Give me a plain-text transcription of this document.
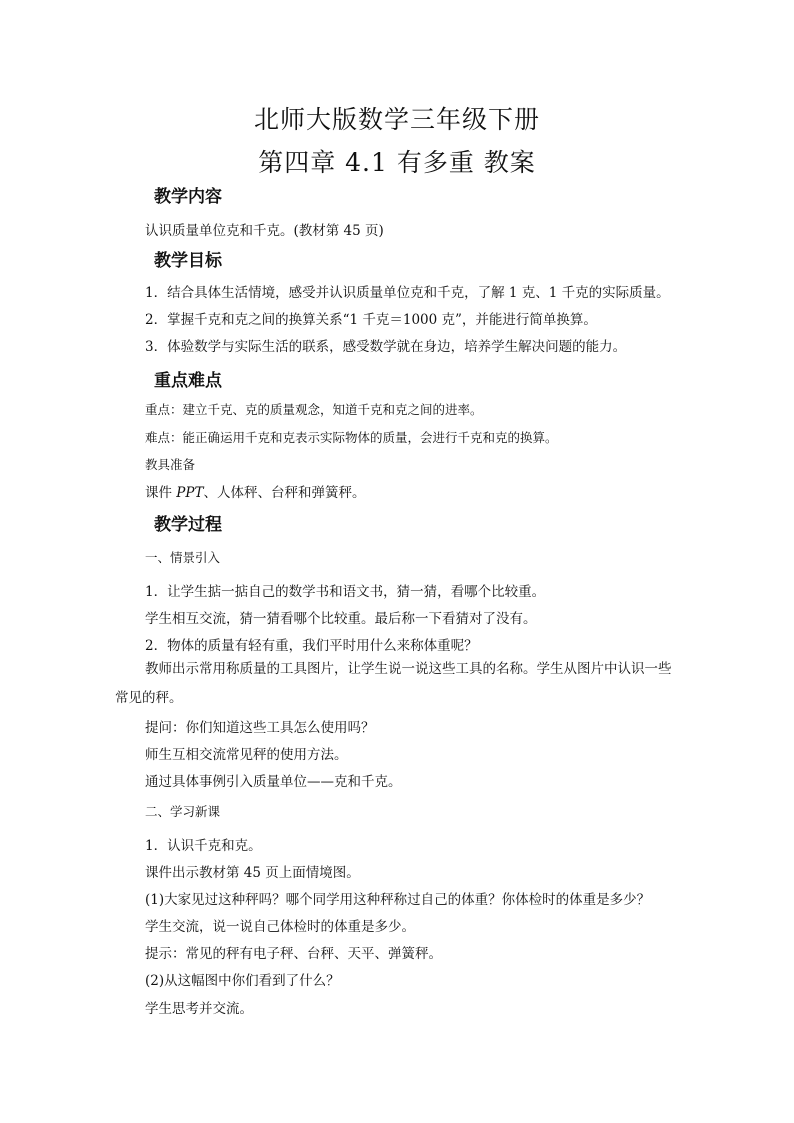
北师大版数学三年级下册
第四章 4.1 有多重 教案
教学内容
认识质量单位克和千克。(教材第 45 页)
教学目标
1．结合具体生活情境，感受并认识质量单位克和千克，了解 1 克、1 千克的实际质量。
2．掌握千克和克之间的换算关系“1 千克＝1000 克”，并能进行简单换算。
3．体验数学与实际生活的联系，感受数学就在身边，培养学生解决问题的能力。
重点难点
重点：建立千克、克的质量观念，知道千克和克之间的进率。
难点：能正确运用千克和克表示实际物体的质量，会进行千克和克的换算。
教具准备
课件 PPT、人体秤、台秤和弹簧秤。
教学过程
一、情景引入
1．让学生掂一掂自己的数学书和语文书，猜一猜，看哪个比较重。
学生相互交流，猜一猜看哪个比较重。最后称一下看猜对了没有。
2．物体的质量有轻有重，我们平时用什么来称体重呢？
教师出示常用称质量的工具图片，让学生说一说这些工具的名称。学生从图片中认识一些常见的秤。
提问：你们知道这些工具怎么使用吗？
师生互相交流常见秤的使用方法。
通过具体事例引入质量单位——克和千克。
二、学习新课
1．认识千克和克。
课件出示教材第 45 页上面情境图。
(1)大家见过这种秤吗？哪个同学用这种秤称过自己的体重？你体检时的体重是多少？
学生交流，说一说自己体检时的体重是多少。
提示：常见的秤有电子秤、台秤、天平、弹簧秤。
(2)从这幅图中你们看到了什么？
学生思考并交流。
